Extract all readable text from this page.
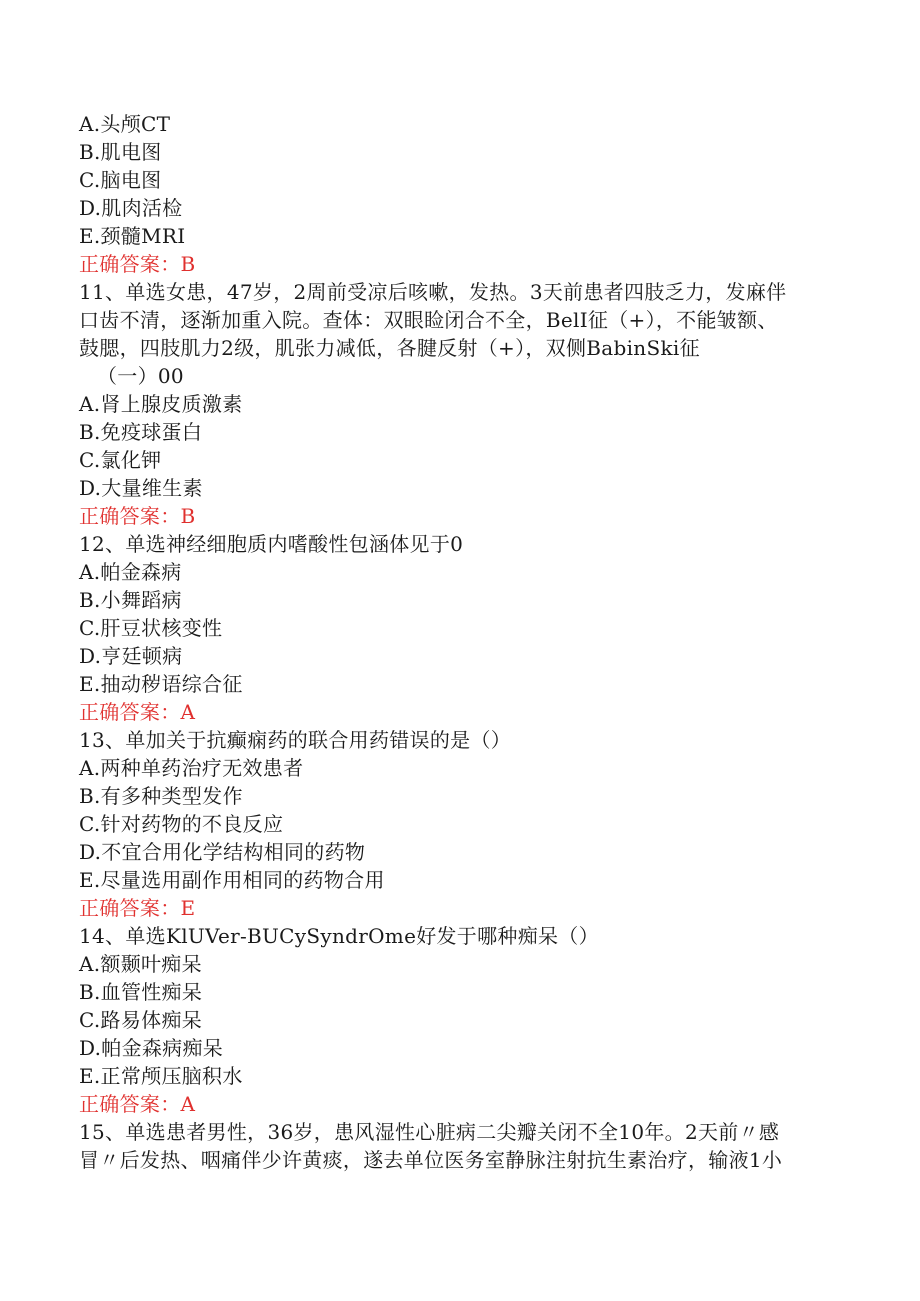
A.头颅CT
B.肌电图
C.脑电图
D.肌肉活检
E.颈髓MRI
正确答案：B
11、单选女患，47岁，2周前受凉后咳嗽，发热。3天前患者四肢乏力，发麻伴
口齿不清，逐渐加重入院。查体：双眼睑闭合不全，BelI征（+），不能皱额、
鼓腮，四肢肌力2级，肌张力减低，各腱反射（+），双侧BabinSki征
（一）00
A.肾上腺皮质激素
B.免疫球蛋白
C.氯化钾
D.大量维生素
正确答案：B
12、单选神经细胞质内嗜酸性包涵体见于0
A.帕金森病
B.小舞蹈病
C.肝豆状核变性
D.亨廷顿病
E.抽动秽语综合征
正确答案：A
13、单加关于抗癫痫药的联合用药错误的是（）
A.两种单药治疗无效患者
B.有多种类型发作
C.针对药物的不良反应
D.不宜合用化学结构相同的药物
E.尽量选用副作用相同的药物合用
正确答案：E
14、单选KlUVer-BUCySyndrOme好发于哪种痴呆（）
A.额颞叶痴呆
B.血管性痴呆
C.路易体痴呆
D.帕金森病痴呆
E.正常颅压脑积水
正确答案：A
15、单选患者男性，36岁，患风湿性心脏病二尖瓣关闭不全10年。2天前〃感
冒〃后发热、咽痛伴少许黄痰，遂去单位医务室静脉注射抗生素治疗，输液1小
